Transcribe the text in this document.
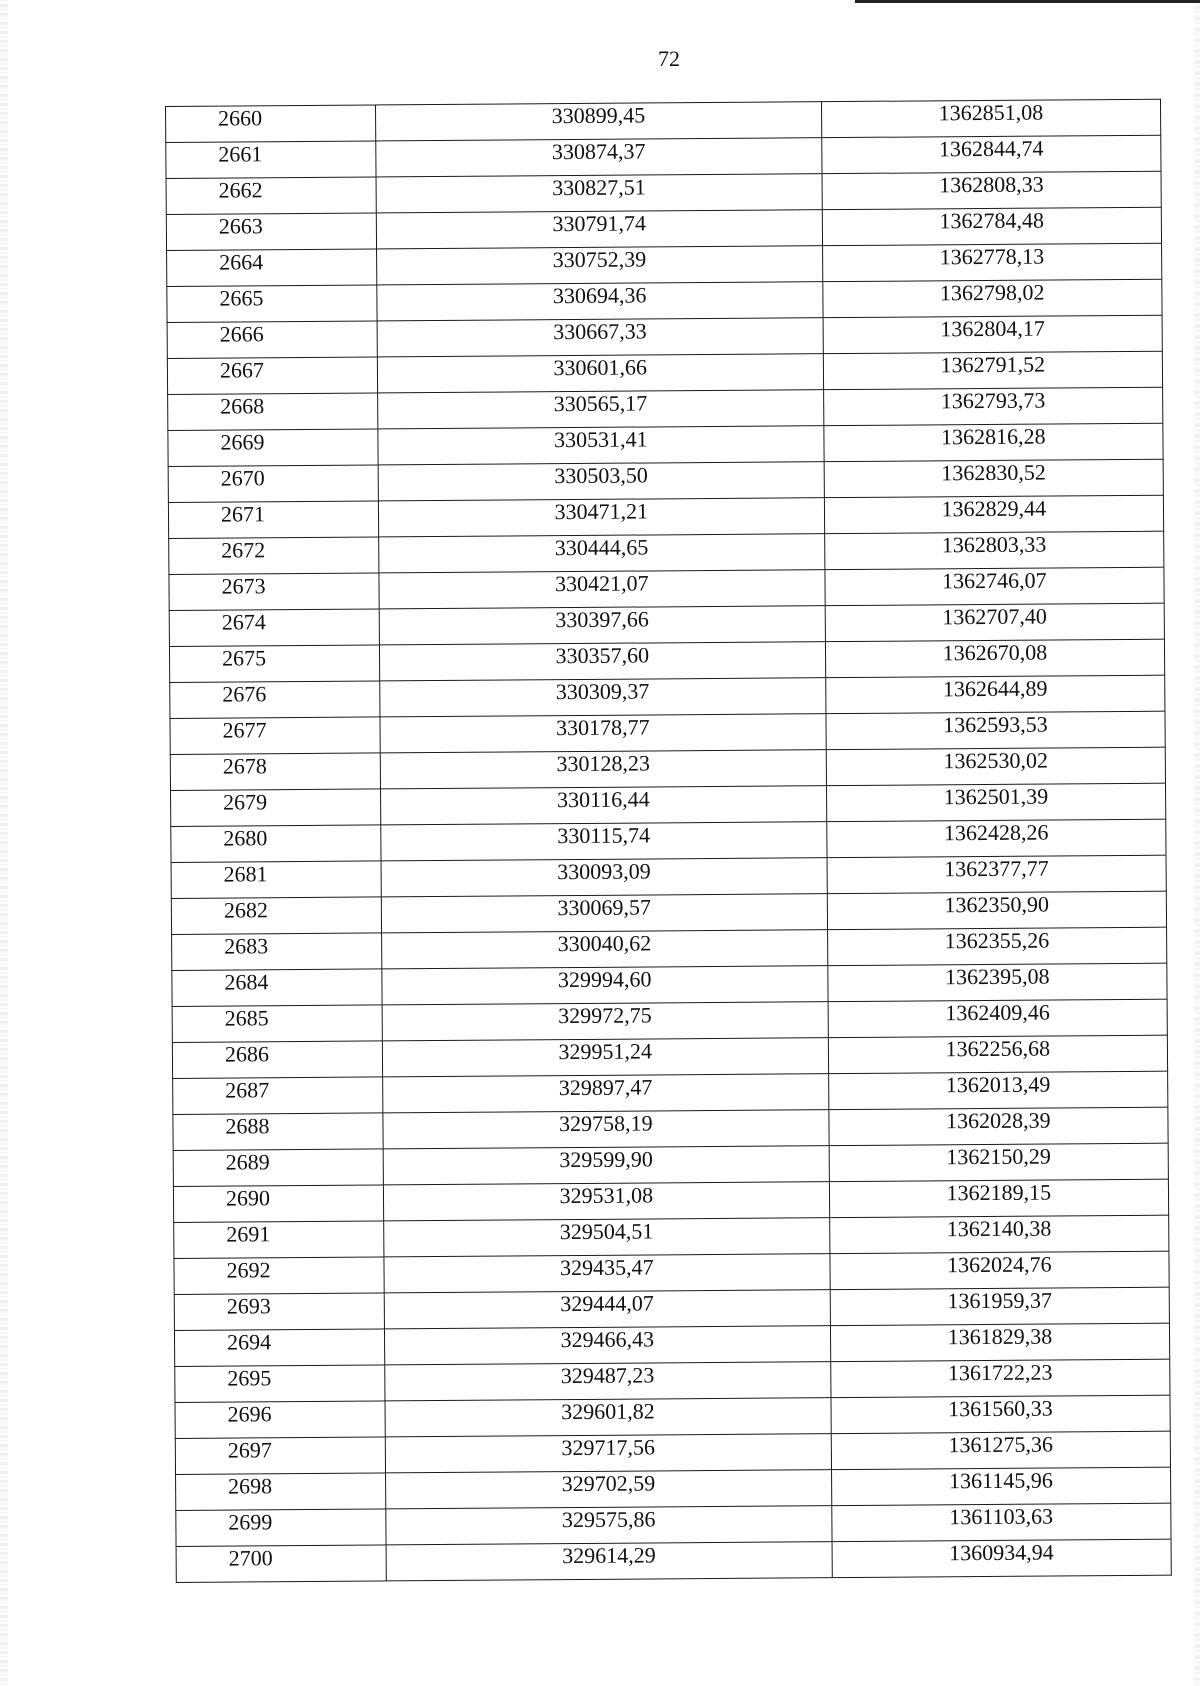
72
2660	330899,45	1362851,08
2661	330874,37	1362844,74
2662	330827,51	1362808,33
2663	330791,74	1362784,48
2664	330752,39	1362778,13
2665	330694,36	1362798,02
2666	330667,33	1362804,17
2667	330601,66	1362791,52
2668	330565,17	1362793,73
2669	330531,41	1362816,28
2670	330503,50	1362830,52
2671	330471,21	1362829,44
2672	330444,65	1362803,33
2673	330421,07	1362746,07
2674	330397,66	1362707,40
2675	330357,60	1362670,08
2676	330309,37	1362644,89
2677	330178,77	1362593,53
2678	330128,23	1362530,02
2679	330116,44	1362501,39
2680	330115,74	1362428,26
2681	330093,09	1362377,77
2682	330069,57	1362350,90
2683	330040,62	1362355,26
2684	329994,60	1362395,08
2685	329972,75	1362409,46
2686	329951,24	1362256,68
2687	329897,47	1362013,49
2688	329758,19	1362028,39
2689	329599,90	1362150,29
2690	329531,08	1362189,15
2691	329504,51	1362140,38
2692	329435,47	1362024,76
2693	329444,07	1361959,37
2694	329466,43	1361829,38
2695	329487,23	1361722,23
2696	329601,82	1361560,33
2697	329717,56	1361275,36
2698	329702,59	1361145,96
2699	329575,86	1361103,63
2700	329614,29	1360934,94
